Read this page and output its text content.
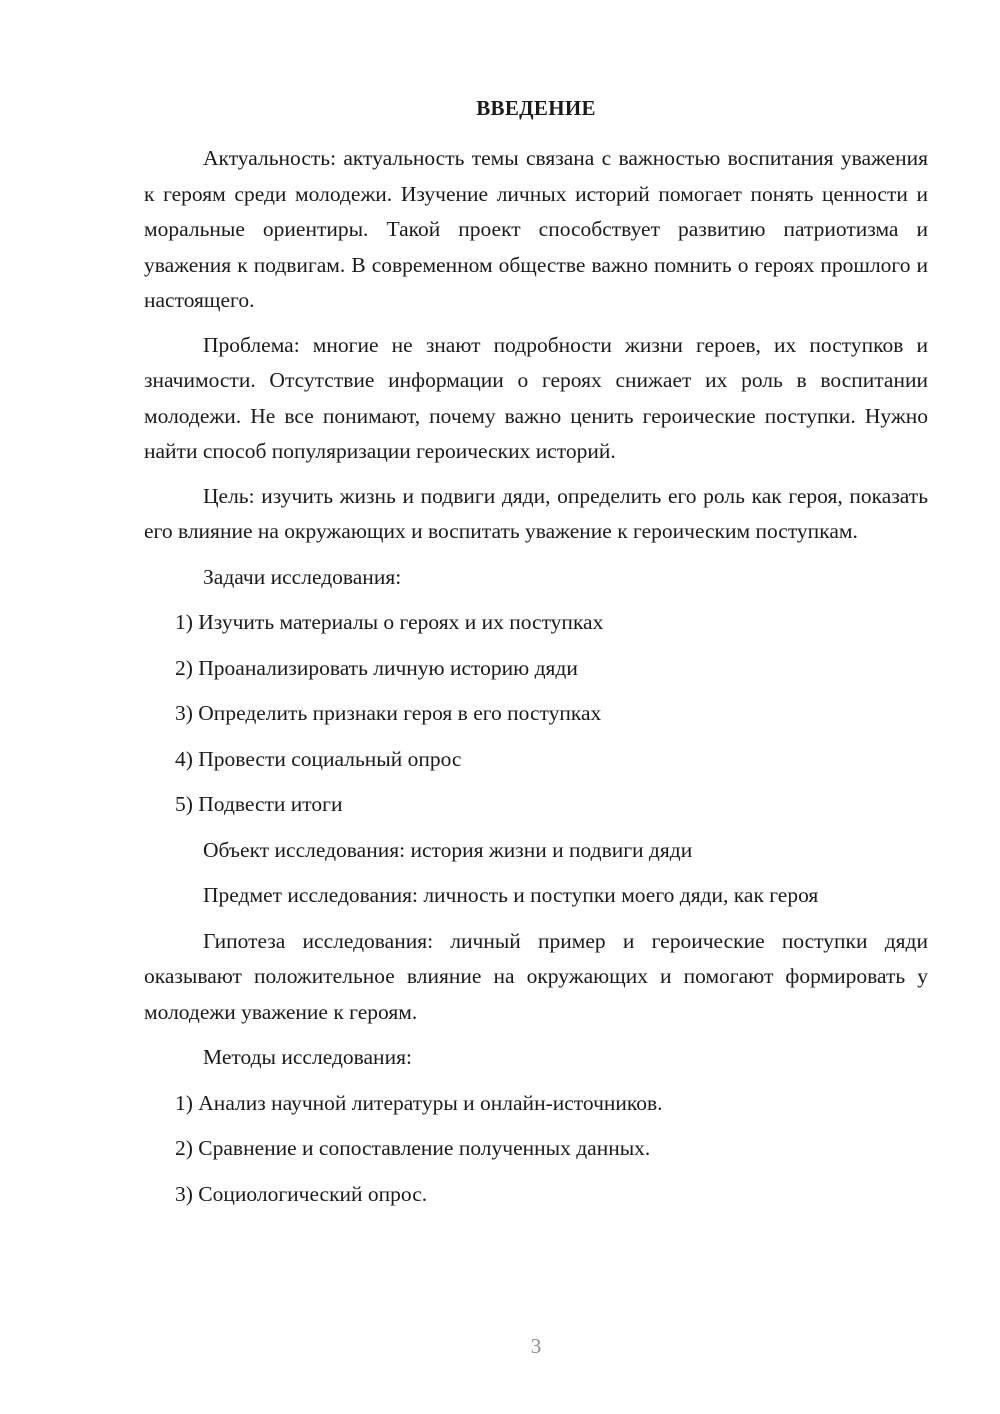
ВВЕДЕНИЕ

Актуальность: актуальность темы связана с важностью воспитания уважения к героям среди молодежи. Изучение личных историй помогает понять ценности и моральные ориентиры. Такой проект способствует развитию патриотизма и уважения к подвигам. В современном обществе важно помнить о героях прошлого и настоящего.

Проблема: многие не знают подробности жизни героев, их поступков и значимости. Отсутствие информации о героях снижает их роль в воспитании молодежи. Не все понимают, почему важно ценить героические поступки. Нужно найти способ популяризации героических историй.

Цель: изучить жизнь и подвиги дяди, определить его роль как героя, показать его влияние на окружающих и воспитать уважение к героическим поступкам.

Задачи исследования:

1) Изучить материалы о героях и их поступках

2) Проанализировать личную историю дяди

3) Определить признаки героя в его поступках

4) Провести социальный опрос

5) Подвести итоги

Объект исследования: история жизни и подвиги дяди

Предмет исследования: личность и поступки моего дяди, как героя

Гипотеза исследования: личный пример и героические поступки дяди оказывают положительное влияние на окружающих и помогают формировать у молодежи уважение к героям.

Методы исследования:

1) Анализ научной литературы и онлайн-источников.

2) Сравнение и сопоставление полученных данных.

3) Социологический опрос.

3
